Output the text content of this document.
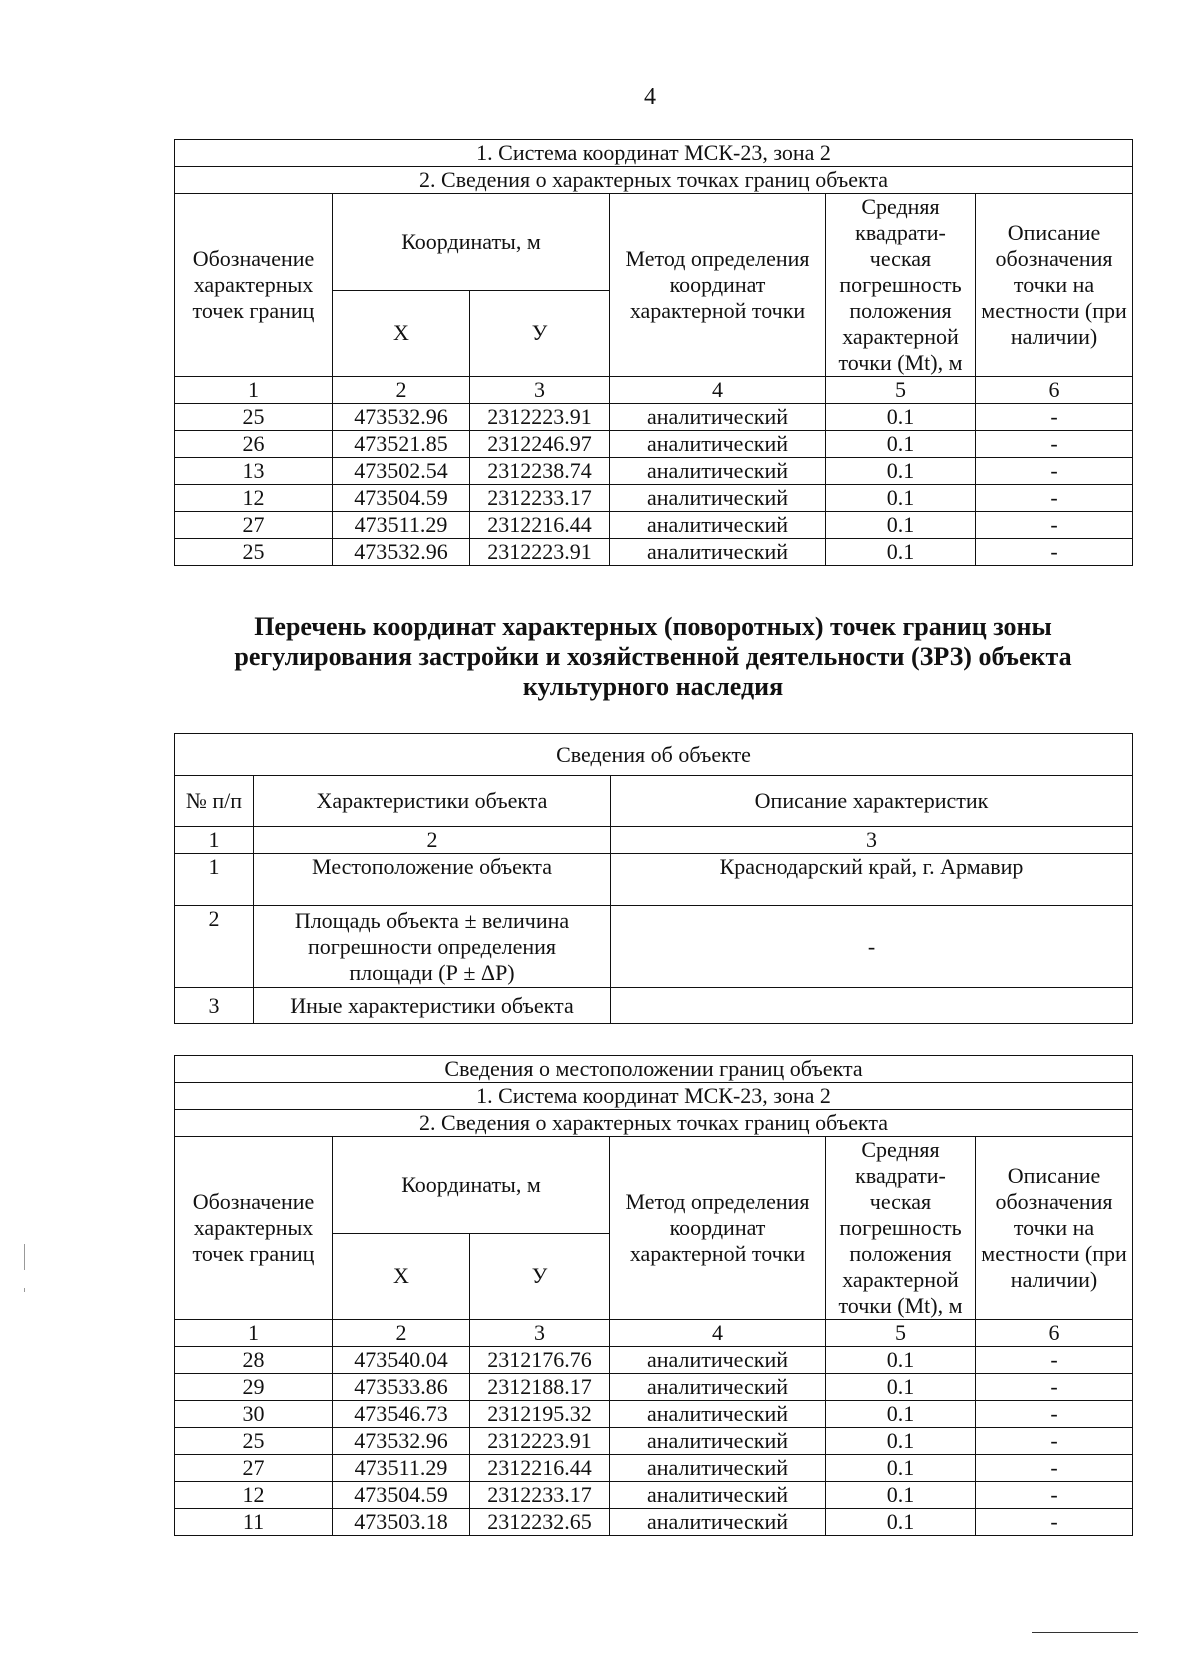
4
1. Система координат МСК-23, зона 2					
2. Сведения о характерных точках границ объекта					
Обозначение характерных точек границ	Координаты, м		Метод определения координат характерной точки	Средняя квадрати-ческая погрешность положения характерной точки (Мt), м	Описание обозначения точки на местности (при наличии)
	Х	У			
1	2	3	4	5	6
25	473532.96	2312223.91	аналитический	0.1	-
26	473521.85	2312246.97	аналитический	0.1	-
13	473502.54	2312238.74	аналитический	0.1	-
12	473504.59	2312233.17	аналитический	0.1	-
27	473511.29	2312216.44	аналитический	0.1	-
25	473532.96	2312223.91	аналитический	0.1	-
Перечень координат характерных (поворотных) точек границ зоны
регулирования застройки и хозяйственной деятельности (ЗРЗ) объекта
культурного наследия
Сведения об объекте		
№ п/п	Характеристики объекта	Описание характеристик
1	2	3
1	Местоположение объекта	Краснодарский край, г. Армавир
2	Площадь объекта ± величина погрешности определения площади (Р ± ΔР)	-
3	Иные характеристики объекта	
Сведения о местоположении границ объекта					
1. Система координат МСК-23, зона 2					
2. Сведения о характерных точках границ объекта					
Обозначение характерных точек границ	Координаты, м		Метод определения координат характерной точки	Средняя квадрати-ческая погрешность положения характерной точки (Мt), м	Описание обозначения точки на местности (при наличии)
	Х	У			
1	2	3	4	5	6
28	473540.04	2312176.76	аналитический	0.1	-
29	473533.86	2312188.17	аналитический	0.1	-
30	473546.73	2312195.32	аналитический	0.1	-
25	473532.96	2312223.91	аналитический	0.1	-
27	473511.29	2312216.44	аналитический	0.1	-
12	473504.59	2312233.17	аналитический	0.1	-
11	473503.18	2312232.65	аналитический	0.1	-
